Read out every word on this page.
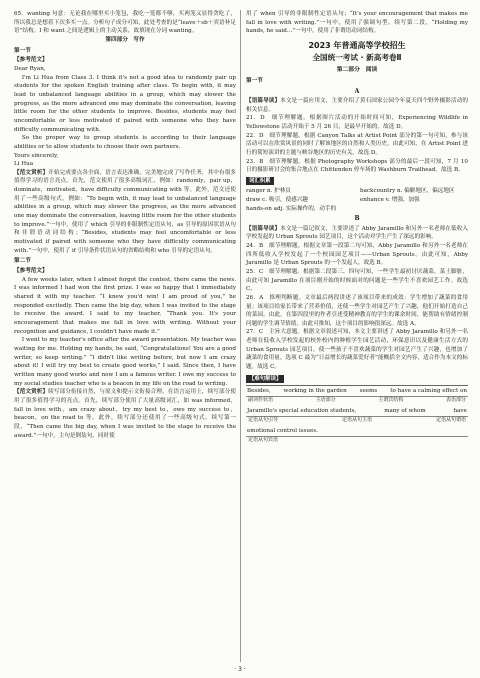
65．wanting 句意：无论我在哪里买小笼包，我吃一笼都不够，买两笼又显得贪吃了，所以我总是想着下次多买一点。分析句子成分可知，此处考查的是“leave＋sb＋宾语补足语”结构。I 和 want 之间是逻辑上的主动关系，故填现在分词 wanting。

第四部分　写作
第一节
【参考范文】

Dear Ryan,

I'm Li Hua from Class 3. I think it's not a good idea to randomly pair up students for the spoken English training after class. To begin with, it may lead to unbalanced language abilities in a group, which may slower the progress, as the more advanced one may dominate the conversation, leaving little room for the other students to improve. Besides, students may feel uncomfortable or less motivated if paired with someone who they have difficulty communicating with.

So the proper way to group students is according to their language abilities or to allow students to choose their own partners.

Yours sincerely,

Li Hua

【范文赏析】开始完成要点各全面，语言表达准确，完美地完成了写作任务，其中有很多值得学习的语言亮点。首先，范文使用了很多高级词汇，例如：randomly，pair up，dominate，motivated，have difficulty communicating with 等。此外，范文还使用了一些高级句式，例如：“To begin with, it may lead to unbalanced language abilities in a group, which may slower the progress, as the more advanced one may dominate the conversation, leaving little room for the other students to improve.”一句中，使用了 which 引导的非限制性定语从句，as 引导的原因状语从句和非谓语动词结构；“Besides, students may feel uncomfortable or less motivated if paired with someone who they have difficulty communicating with.”一句中，使用了 if 引导条件状语从句的省略结构和 who 引导的定语从句。

第二节
【参考范文】

A few weeks later, when I almost forgot the contest, there came the news. I was informed I had won the first prize. I was so happy that I immediately shared it with my teacher. “I knew you'd win! I am proud of you,” he responded excitedly. Then came the big day, when I was invited to the stage to receive the award. I said to my teacher, “Thank you. It's your encouragement that makes me fall in love with writing. Without your recognition and guidance, I couldn't have made it.”

I went to my teacher's office after the award presentation. My teacher was waiting for me. Holding my hands, he said, “Congratulations! You are a good writer, so keep writing.” “I didn't like writing before, but now I am crazy about it! I will try my best to create good works,” I said. Since then, I have written many good works and now I am a famous writer. I owe my success to my social studies teacher who is a beacon in my life on the road to writing.

【范文赏析】续写部分衔接自然，与原文和提示文衔接合理。在语言运用上，续写部分使用了很多值得学习的亮点。首先，续写部分使用了大量高级词汇，如 was informed，fall in love with，am crazy about，try my best to，owe my success to，beacon，on the road to 等。此外，续写部分还使用了一些高级句式。续写第一段，“Then came the big day, when I was invited to the stage to receive the award.”一句中，主句是倒装句，同时使

用了 when 引导的非限制性定语从句；“It's your encouragement that makes me fall in love with writing.”一句中，使用了强调句型。续写第二段，“Holding my hands, he said…”一句中，使用了非谓语动词结构。

2023 年普通高等学校招生
全国统一考试 · 新高考卷Ⅱ
第二部分　阅读
第一节
A

【语篇导读】本文是一篇应用文，主要介绍了黄石国家公园今年夏天四个野外摄影活动的相关信息。

21．D　细节理解题。根据图片活动的开始时间可知，Experiencing Wildlife in Yellowstone 活动开始于 5 月 26 日，是最早开始的。故选 D。

22．D　细节理解题。根据 Canyon Talks at Artist Point 部分的第一句可知，参与该活动可以在欣赏风景的同时了解该地区的自然和人类历史。由此可知，在 Artist Point 进行的简短演讲的主题与峡谷地区的历史有关。故选 D。

23．B　细节理解题。根据 Photography Workshops 部分的最后一段可知，7 月 10 日的摄影研讨会的集合地点在 Chittenden 停车场的 Washburn Trailhead。故选 B。

词汇积累
ranger n. 护林员	backcountry n. 偏僻地区，偏远地区
draw c. 吸引，使感兴趣	enhance v. 增强，加强
hands-on adj. 实际操作的，动手的
B

【语篇导读】本文是一篇记叙文，主要讲述了 Abby Jaramillo 和另外一名老师在低收入学校发起的 Urban Sprouts 园艺项目，这个活动对学生产生了深远的影响。

24．B　细节理解题。根据文章第一段第二句可知，Abby Jaramillo 和另外一名老师在四所低收入学校发起了一个校园园艺项目——Urban Sprouts。由此可知，Abby Jaramillo 是 Urban Sprouts 的一个发起人。故选 B。

25．C　细节理解题。根据第二段第三、四句可知，一些学生最初讨厌蔬菜，菜土脚脏，由此可知 Jaramillo 在项目刚开始的时候面对的问题是一些学生不喜欢园艺工作。故选 C。

26．A　推理判断题。文章最后两段讲述了该项目带来的成效：学生增加了蔬菜的食用量；该项目给家长带来了营养价值，还使一些学生对园艺产生了兴趣，他们开始打造自己的菜园。由此，在第四段里的作者引述受精神教育的学生的课余时间，能帮助有情绪控制问题的学生调节情绪。由此可推知，这个项目的影响很深远。故选 A。

27．C　主旨大意题。根据文章叙述可知，本文主要讲述了 Abby Jaramillo 和另外一名老师在低收入学校发起的校外校内的种植学生园艺活动，环保意识以及健康生活方式的 Urban Sprouts 园艺项目，使一些孩子不喜欢蔬菜的学生对园艺产生了兴趣，也增加了蔬菜的食用量。选项 C 最为“日益增长的蔬菜爱好者”能概括全文内容，适合作为本文的标题。故选 C。

【难句解读】
Besides, working in the garden seems to have a calming effect on
副词作状语	主语部分	主谓宾结构	表语部分
Jaramillo's special education students,	many of whom	have
定语从句引导	定语从句主语	定语从句谓语
emotional control issues.
定语从句宾语
· 3 ·
